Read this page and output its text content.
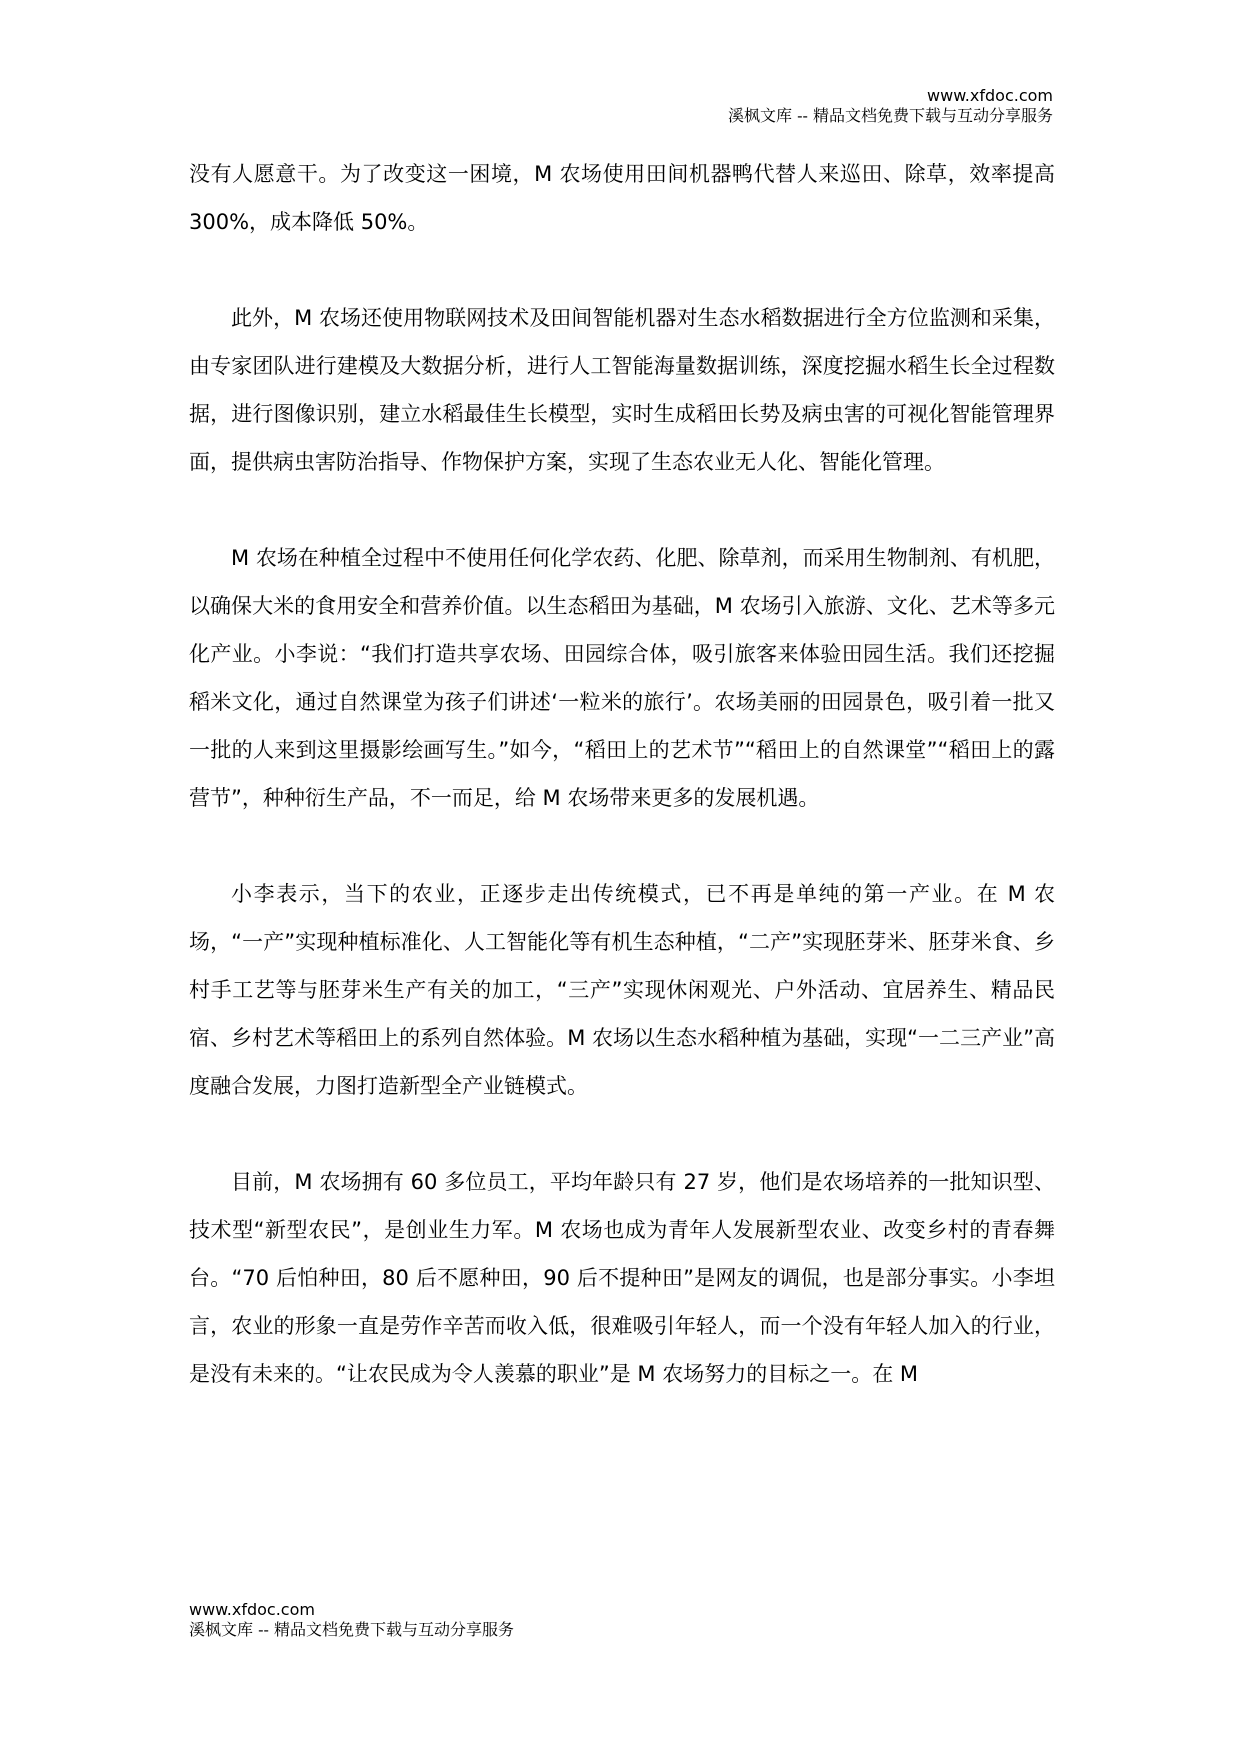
www.xfdoc.com
溪枫文库 -- 精品文档免费下载与互动分享服务

没有人愿意干。为了改变这一困境，M 农场使用田间机器鸭代替人来巡田、除草，效率提高 300%，成本降低 50%。

此外，M 农场还使用物联网技术及田间智能机器对生态水稻数据进行全方位监测和采集，由专家团队进行建模及大数据分析，进行人工智能海量数据训练，深度挖掘水稻生长全过程数据，进行图像识别，建立水稻最佳生长模型，实时生成稻田长势及病虫害的可视化智能管理界面，提供病虫害防治指导、作物保护方案，实现了生态农业无人化、智能化管理。

M 农场在种植全过程中不使用任何化学农药、化肥、除草剂，而采用生物制剂、有机肥，以确保大米的食用安全和营养价值。以生态稻田为基础，M 农场引入旅游、文化、艺术等多元化产业。小李说：“我们打造共享农场、田园综合体，吸引旅客来体验田园生活。我们还挖掘稻米文化，通过自然课堂为孩子们讲述‘一粒米的旅行’。农场美丽的田园景色，吸引着一批又一批的人来到这里摄影绘画写生。”如今，“稻田上的艺术节”“稻田上的自然课堂”“稻田上的露营节”，种种衍生产品，不一而足，给 M 农场带来更多的发展机遇。

小李表示，当下的农业，正逐步走出传统模式，已不再是单纯的第一产业。在 M 农场，“一产”实现种植标准化、人工智能化等有机生态种植，“二产”实现胚芽米、胚芽米食、乡村手工艺等与胚芽米生产有关的加工，“三产”实现休闲观光、户外活动、宜居养生、精品民宿、乡村艺术等稻田上的系列自然体验。M 农场以生态水稻种植为基础，实现“一二三产业”高度融合发展，力图打造新型全产业链模式。

目前，M 农场拥有 60 多位员工，平均年龄只有 27 岁，他们是农场培养的一批知识型、技术型“新型农民”，是创业生力军。M 农场也成为青年人发展新型农业、改变乡村的青春舞台。“70 后怕种田，80 后不愿种田，90 后不提种田”是网友的调侃，也是部分事实。小李坦言，农业的形象一直是劳作辛苦而收入低，很难吸引年轻人，而一个没有年轻人加入的行业，是没有未来的。“让农民成为令人羡慕的职业”是 M 农场努力的目标之一。在 M

www.xfdoc.com
溪枫文库 -- 精品文档免费下载与互动分享服务
